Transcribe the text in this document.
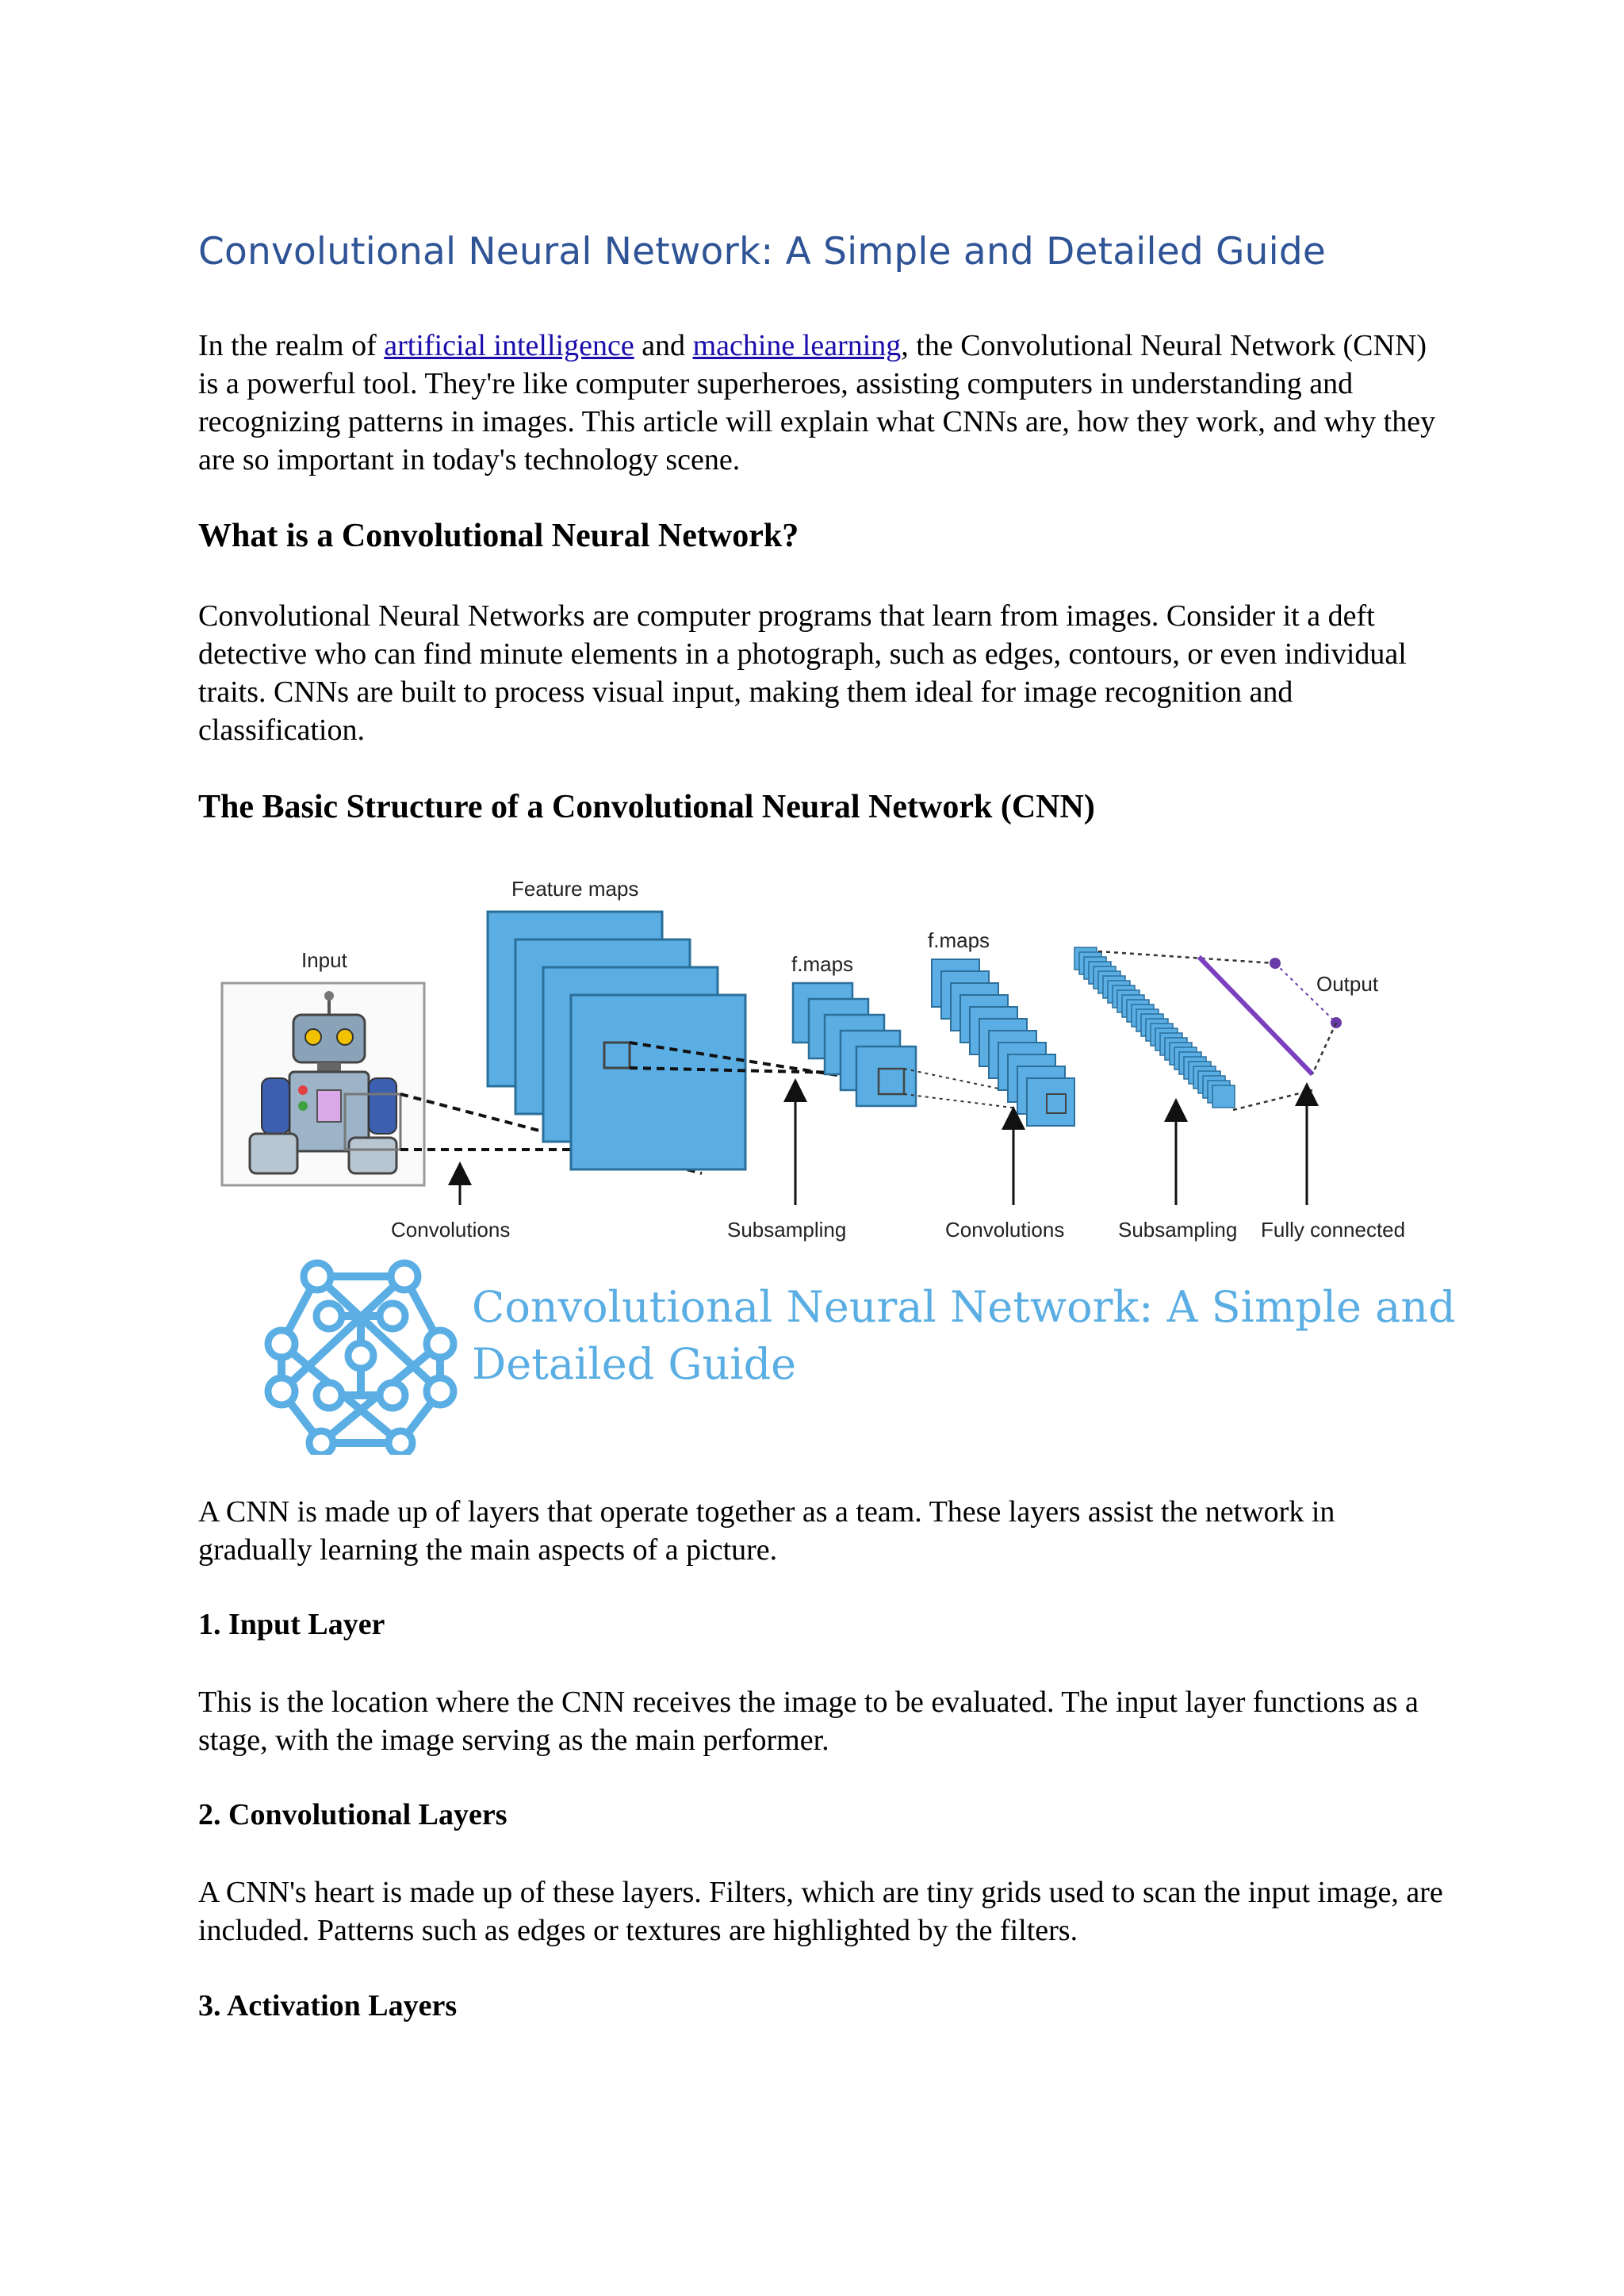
Convolutional Neural Network: A Simple and Detailed Guide

In the realm of artificial intelligence and machine learning, the Convolutional Neural Network (CNN) is a powerful tool. They're like computer superheroes, assisting computers in understanding and recognizing patterns in images. This article will explain what CNNs are, how they work, and why they are so important in today's technology scene.

What is a Convolutional Neural Network?

Convolutional Neural Networks are computer programs that learn from images. Consider it a deft detective who can find minute elements in a photograph, such as edges, contours, or even individual traits. CNNs are built to process visual input, making them ideal for image recognition and classification.

The Basic Structure of a Convolutional Neural Network (CNN)
Input
Feature maps
f.maps
f.maps
Output
Convolutions	Subsampling	Convolutions	Subsampling Fully connected
Convolutional Neural Network: A Simple and
Detailed Guide

A CNN is made up of layers that operate together as a team. These layers assist the network in gradually learning the main aspects of a picture.

1. Input Layer

This is the location where the CNN receives the image to be evaluated. The input layer functions as a stage, with the image serving as the main performer.

2. Convolutional Layers

A CNN's heart is made up of these layers. Filters, which are tiny grids used to scan the input image, are included. Patterns such as edges or textures are highlighted by the filters.

3. Activation Layers
